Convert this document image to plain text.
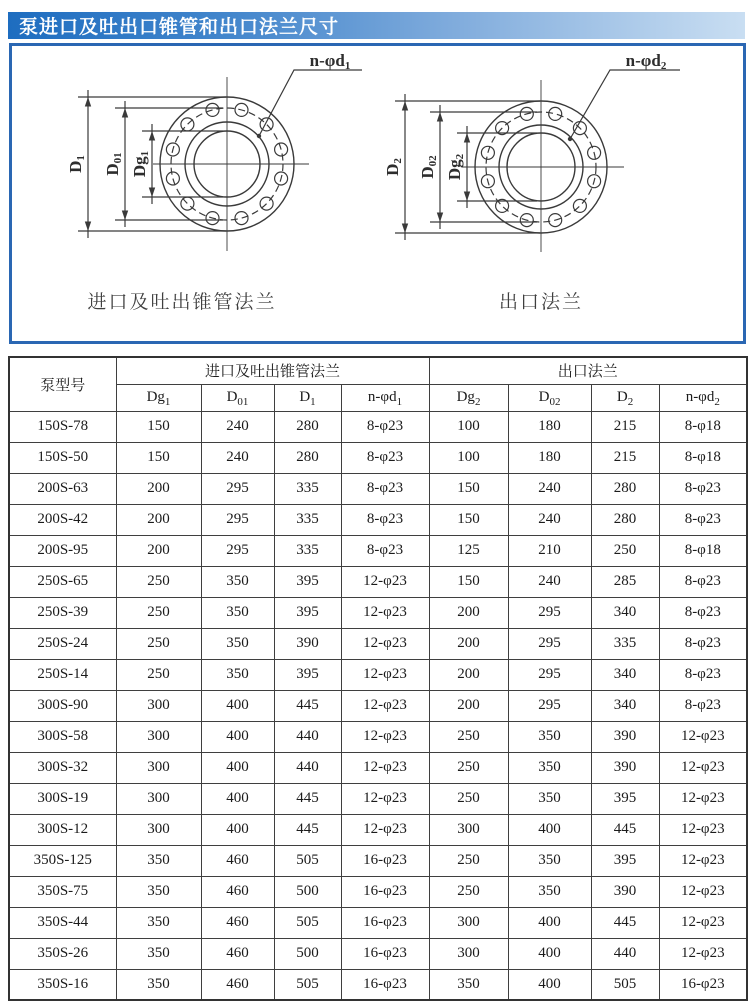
泵进口及吐出口锥管和出口法兰尺寸
D1
D01 Dg1
n-φd1
进口及吐出锥管法兰
D2
D02 Dg2
n-φd2
出口法兰
泵型号	进口及吐出锥管法兰				出口法兰			
	$Dg_1$	$D_{01}$	$D_1$	$n-\varphi d_1$	$Dg_2$	$D_{02}$	$D_2$	$n-\varphi d_2$
150S-78	150	240	280	8-φ23	100	180	215	8-φ18
150S-50	150	240	280	8-φ23	100	180	215	8-φ18
200S-63	200	295	335	8-φ23	150	240	280	8-φ23
200S-42	200	295	335	8-φ23	150	240	280	8-φ23
200S-95	200	295	335	8-φ23	125	210	250	8-φ18
250S-65	250	350	395	12-φ23	150	240	285	8-φ23
250S-39	250	350	395	12-φ23	200	295	340	8-φ23
250S-24	250	350	390	12-φ23	200	295	335	8-φ23
250S-14	250	350	395	12-φ23	200	295	340	8-φ23
300S-90	300	400	445	12-φ23	200	295	340	8-φ23
300S-58	300	400	440	12-φ23	250	350	390	12-φ23
300S-32	300	400	440	12-φ23	250	350	390	12-φ23
300S-19	300	400	445	12-φ23	250	350	395	12-φ23
300S-12	300	400	445	12-φ23	300	400	445	12-φ23
350S-125	350	460	505	16-φ23	250	350	395	12-φ23
350S-75	350	460	500	16-φ23	250	350	390	12-φ23
350S-44	350	460	505	16-φ23	300	400	445	12-φ23
350S-26	350	460	500	16-φ23	300	400	440	12-φ23
350S-16	350	460	505	16-φ23	350	400	505	16-φ23
